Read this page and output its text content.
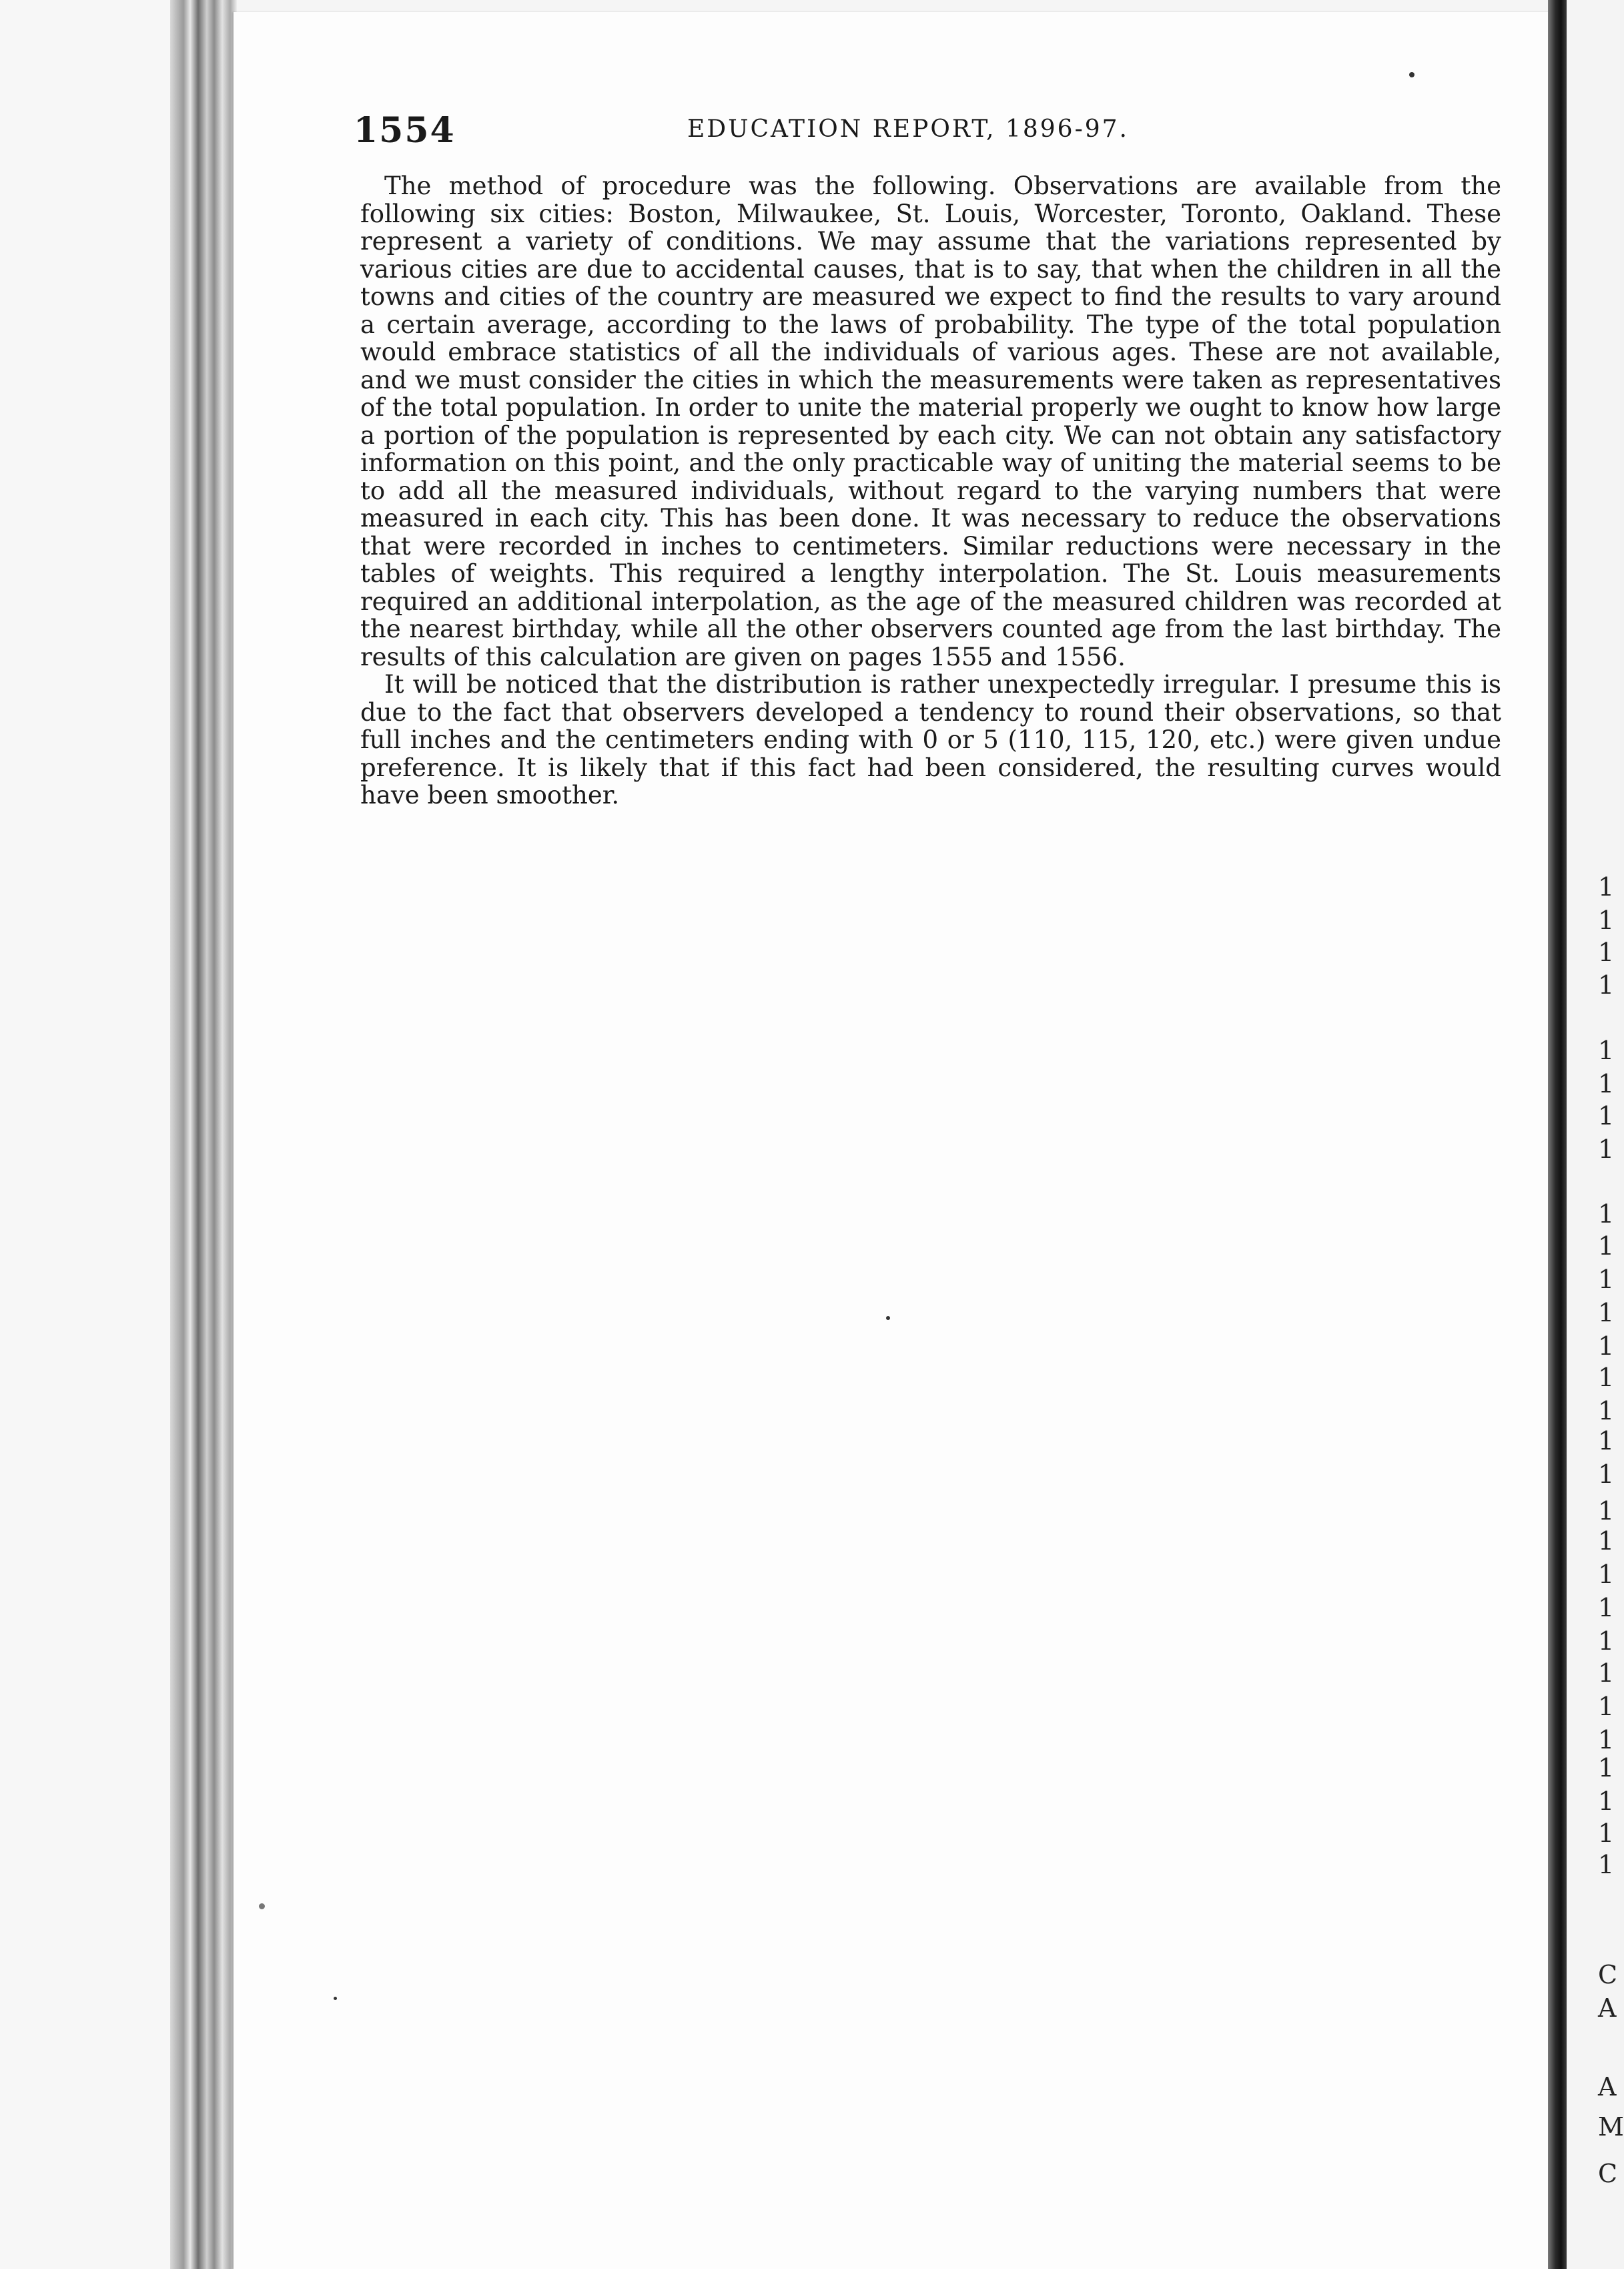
1554	EDUCATION REPORT, 1896-97.

The method of procedure was the following. Observations are available from the following six cities: Boston, Milwaukee, St. Louis, Worcester, Toronto, Oakland. These represent a variety of conditions. We may assume that the variations represented by various cities are due to accidental causes, that is to say, that when the children in all the towns and cities of the country are measured we expect to find the results to vary around a certain average, according to the laws of probability. The type of the total population would embrace statistics of all the individuals of various ages. These are not available, and we must consider the cities in which the measurements were taken as representatives of the total population. In order to unite the material properly we ought to know how large a portion of the population is represented by each city. We can not obtain any satisfactory information on this point, and the only practicable way of uniting the material seems to be to add all the measured individuals, without regard to the varying numbers that were measured in each city. This has been done. It was necessary to reduce the observations that were recorded in inches to centimeters. Similar reductions were necessary in the tables of weights. This required a lengthy interpolation. The St. Louis measurements required an additional interpolation, as the age of the measured children was recorded at the nearest birthday, while all the other observers counted age from the last birthday. The results of this calculation are given on pages 1555 and 1556.

It will be noticed that the distribution is rather unexpectedly irregular. I presume this is due to the fact that observers developed a tendency to round their observations, so that full inches and the centimeters ending with 0 or 5 (110, 115, 120, etc.) were given undue preference. It is likely that if this fact had been considered, the resulting curves would have been smoother.

1
1
1
1
1
1
1
1
1
1
1
1
1
1
1
1
1
1
1
1
1
1
1
1
1
1
1
1
1
C
A
A
M
C
